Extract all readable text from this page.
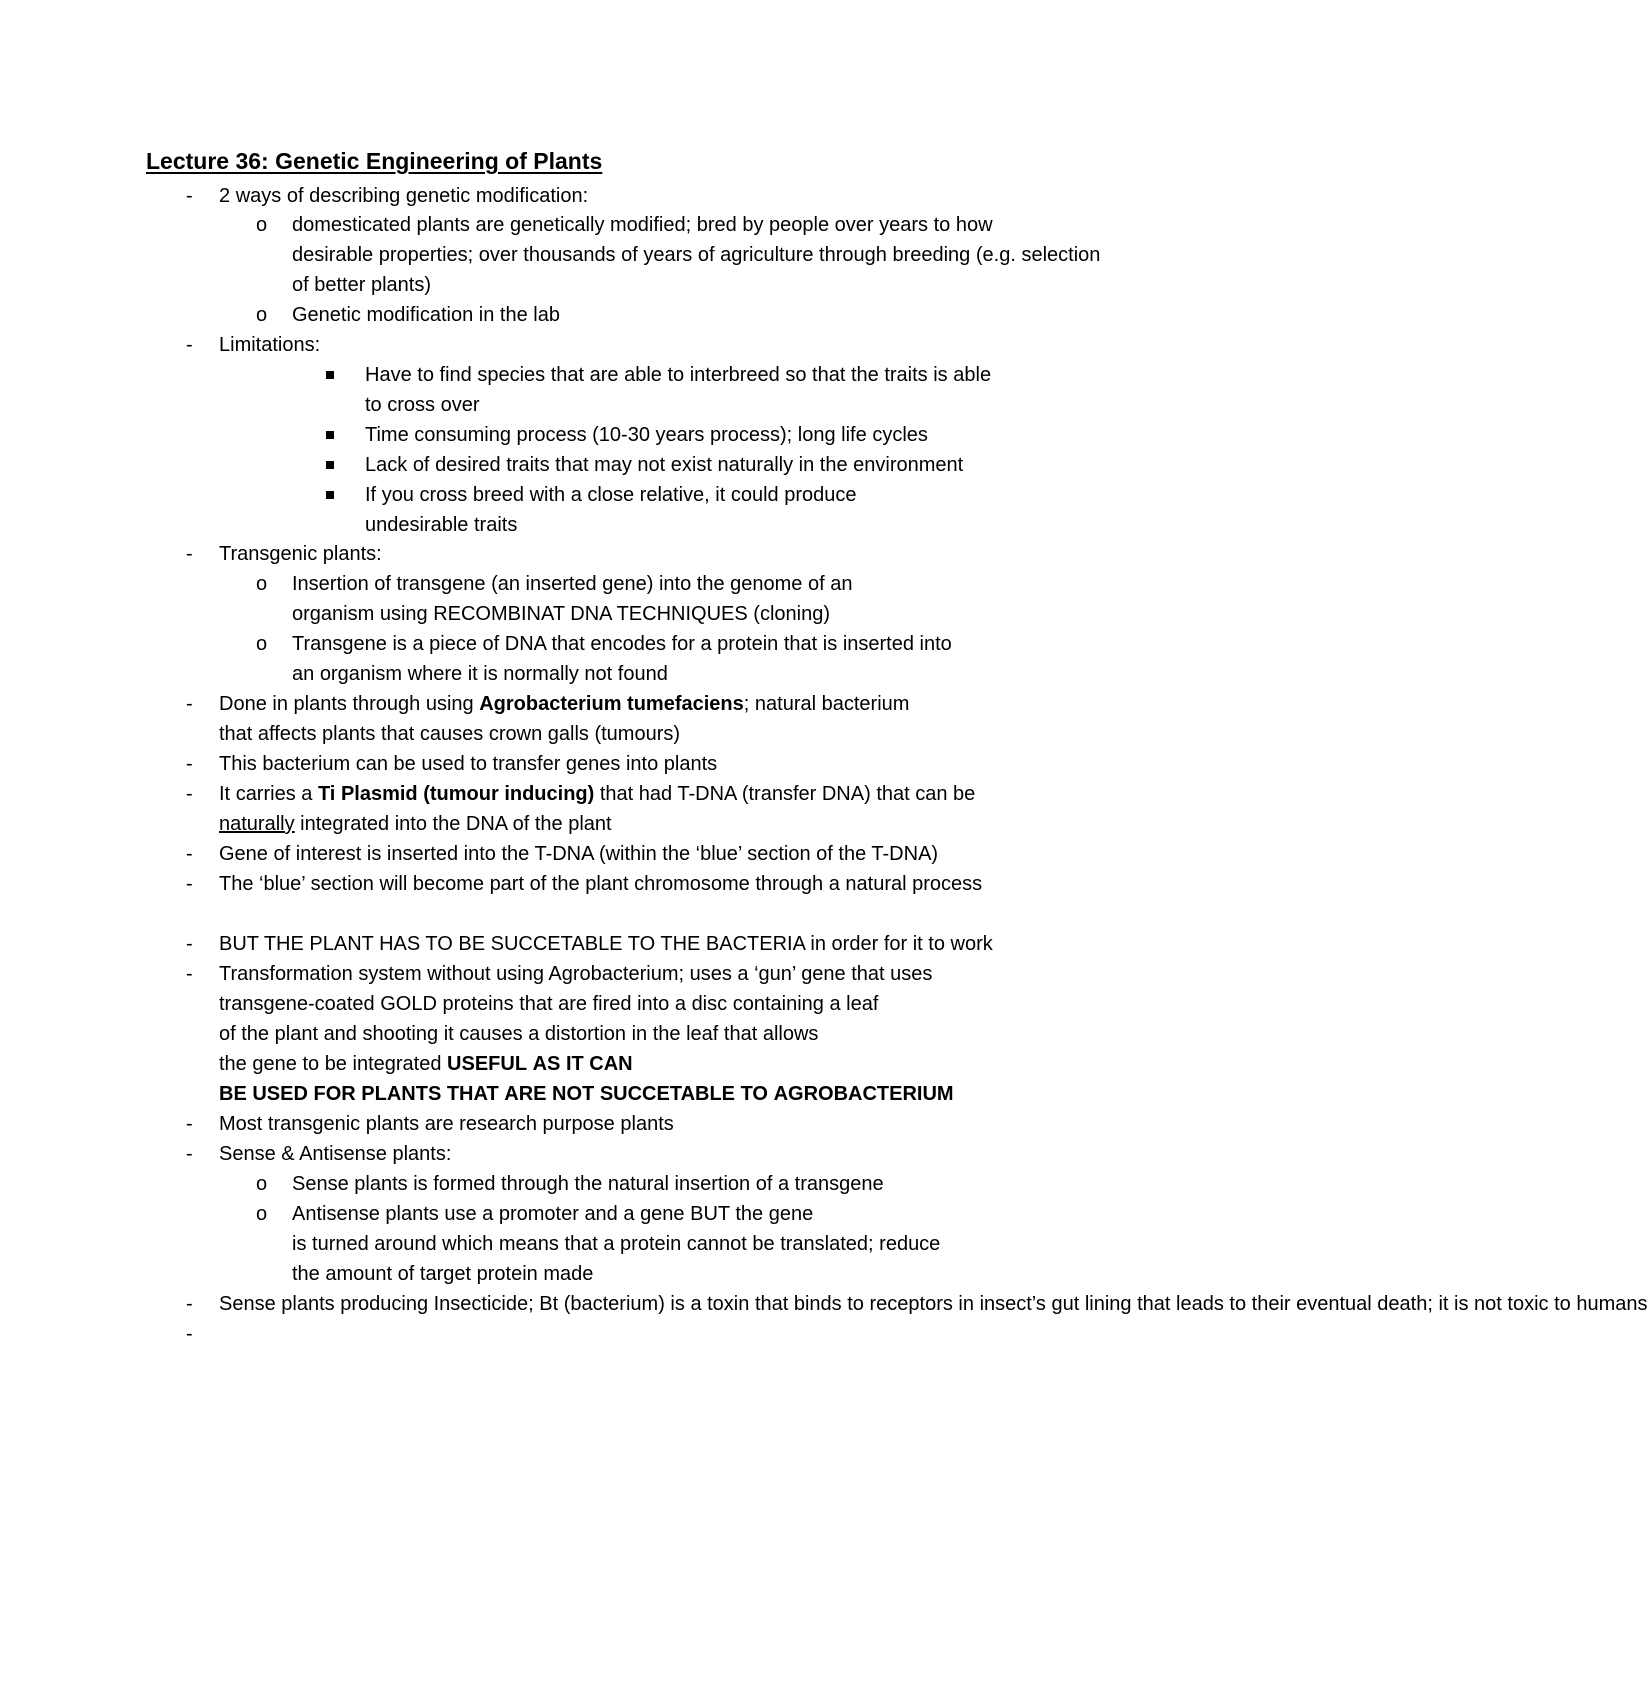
Lecture 36: Genetic Engineering of Plants
- 2 ways of describing genetic modification:
o domesticated plants are genetically modified; bred by people over years to how
desirable properties; over thousands of years of agriculture through breeding (e.g. selection
of better plants)
o Genetic modification in the lab
- Limitations:
Have to find species that are able to interbreed so that the traits is able
to cross over
Time consuming process (10-30 years process); long life cycles
Lack of desired traits that may not exist naturally in the environment
If you cross breed with a close relative, it could produce
undesirable traits
- Transgenic plants:
o Insertion of transgene (an inserted gene) into the genome of an
organism using RECOMBINAT DNA TECHNIQUES (cloning)
o Transgene is a piece of DNA that encodes for a protein that is inserted into
an organism where it is normally not found
- Done in plants through using Agrobacterium tumefaciens; natural bacterium
that affects plants that causes crown galls (tumours)
- This bacterium can be used to transfer genes into plants
- It carries a Ti Plasmid (tumour inducing) that had T-DNA (transfer DNA) that can be
naturally integrated into the DNA of the plant
- Gene of interest is inserted into the T-DNA (within the ‘blue’ section of the T-DNA)
- The ‘blue’ section will become part of the plant chromosome through a natural process
- BUT THE PLANT HAS TO BE SUCCETABLE TO THE BACTERIA in order for it to work
- Transformation system without using Agrobacterium; uses a ‘gun’ gene that uses
transgene-coated GOLD proteins that are fired into a disc containing a leaf
of the plant and shooting it causes a distortion in the leaf that allows
the gene to be integrated USEFUL AS IT CAN
BE USED FOR PLANTS THAT ARE NOT SUCCETABLE TO AGROBACTERIUM
- Most transgenic plants are research purpose plants
- Sense & Antisense plants:
o Sense plants is formed through the natural insertion of a transgene
o Antisense plants use a promoter and a gene BUT the gene
is turned around which means that a protein cannot be translated; reduce
the amount of target protein made
- Sense plants producing Insecticide; Bt (bacterium) is a toxin that binds to receptors in insect’s gut lining that leads to their eventual death; it is not toxic to humans
-
